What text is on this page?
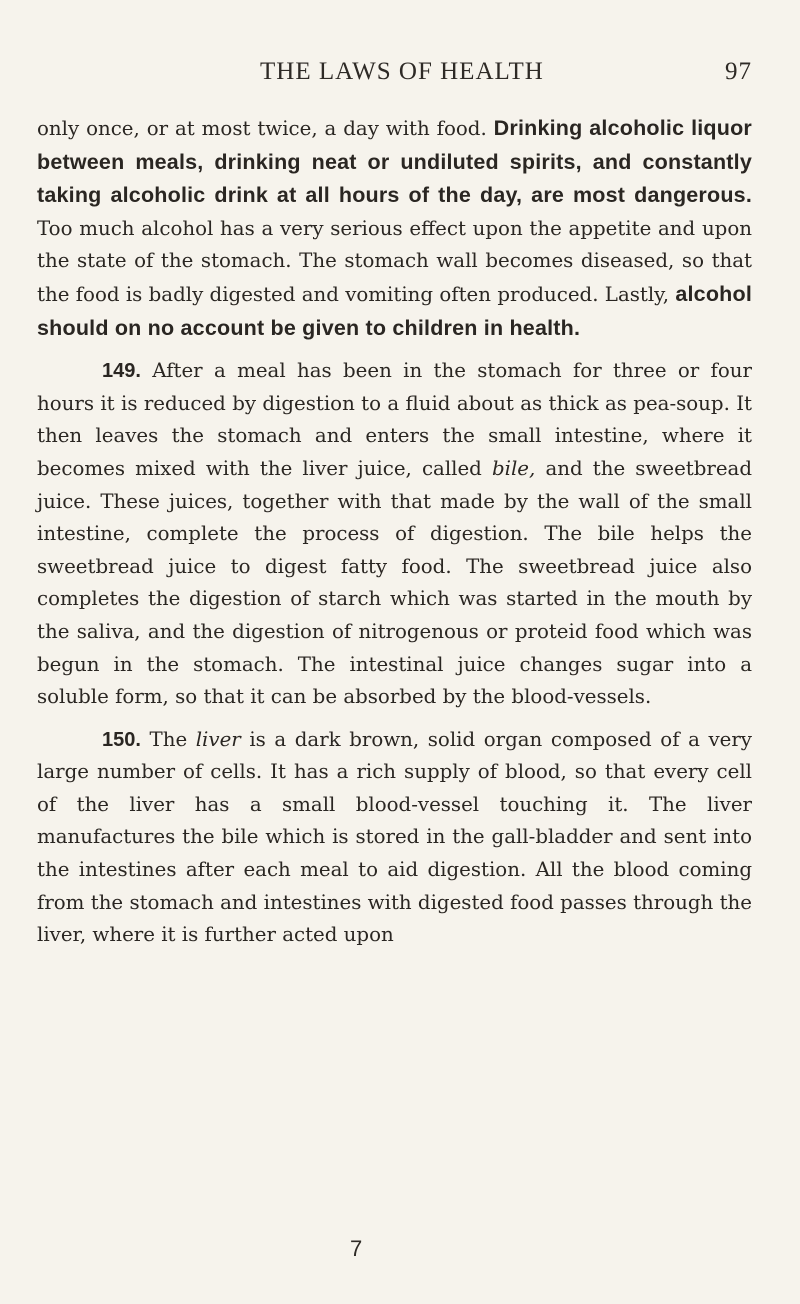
THE LAWS OF HEALTH	97

only once, or at most twice, a day with food. Drinking alcoholic liquor between meals, drinking neat or undiluted spirits, and constantly taking alcoholic drink at all hours of the day, are most dangerous. Too much alcohol has a very serious effect upon the appetite and upon the state of the stomach. The stomach wall becomes diseased, so that the food is badly digested and vomiting often produced. Lastly, alcohol should on no account be given to children in health.

149. After a meal has been in the stomach for three or four hours it is reduced by digestion to a fluid about as thick as pea-soup. It then leaves the stomach and enters the small intestine, where it becomes mixed with the liver juice, called bile, and the sweetbread juice. These juices, together with that made by the wall of the small intestine, complete the process of digestion. The bile helps the sweetbread juice to digest fatty food. The sweetbread juice also completes the digestion of starch which was started in the mouth by the saliva, and the digestion of nitrogenous or proteid food which was begun in the stomach. The intestinal juice changes sugar into a soluble form, so that it can be absorbed by the blood-vessels.

150. The liver is a dark brown, solid organ composed of a very large number of cells. It has a rich supply of blood, so that every cell of the liver has a small blood-vessel touching it. The liver manufactures the bile which is stored in the gall-bladder and sent into the intestines after each meal to aid digestion. All the blood coming from the stomach and intestines with digested food passes through the liver, where it is further acted upon

7
